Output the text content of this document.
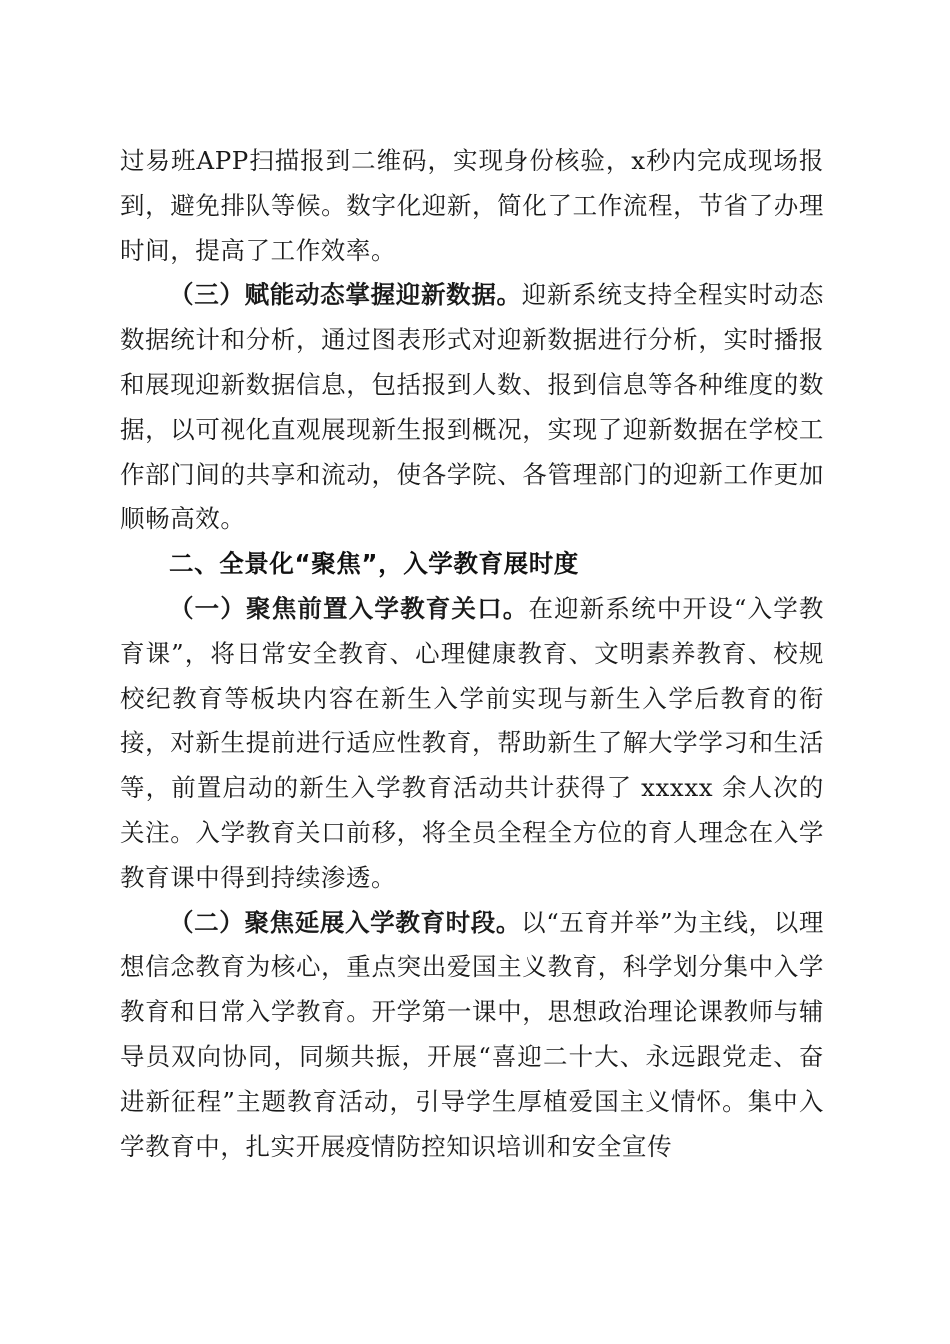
过易班APP扫描报到二维码，实现身份核验，x秒内完成现场报到，避免排队等候。数字化迎新，简化了工作流程，节省了办理时间，提高了工作效率。

（三）赋能动态掌握迎新数据。迎新系统支持全程实时动态数据统计和分析，通过图表形式对迎新数据进行分析，实时播报和展现迎新数据信息，包括报到人数、报到信息等各种维度的数据，以可视化直观展现新生报到概况，实现了迎新数据在学校工作部门间的共享和流动，使各学院、各管理部门的迎新工作更加顺畅高效。

二、全景化“聚焦”，入学教育展时度

（一）聚焦前置入学教育关口。在迎新系统中开设“入学教育课”，将日常安全教育、心理健康教育、文明素养教育、校规校纪教育等板块内容在新生入学前实现与新生入学后教育的衔接，对新生提前进行适应性教育，帮助新生了解大学学习和生活等，前置启动的新生入学教育活动共计获得了 xxxxx 余人次的关注。入学教育关口前移，将全员全程全方位的育人理念在入学教育课中得到持续渗透。

（二）聚焦延展入学教育时段。以“五育并举”为主线，以理想信念教育为核心，重点突出爱国主义教育，科学划分集中入学教育和日常入学教育。开学第一课中，思想政治理论课教师与辅导员双向协同，同频共振，开展“喜迎二十大、永远跟党走、奋进新征程”主题教育活动，引导学生厚植爱国主义情怀。集中入学教育中，扎实开展疫情防控知识培训和安全宣传
